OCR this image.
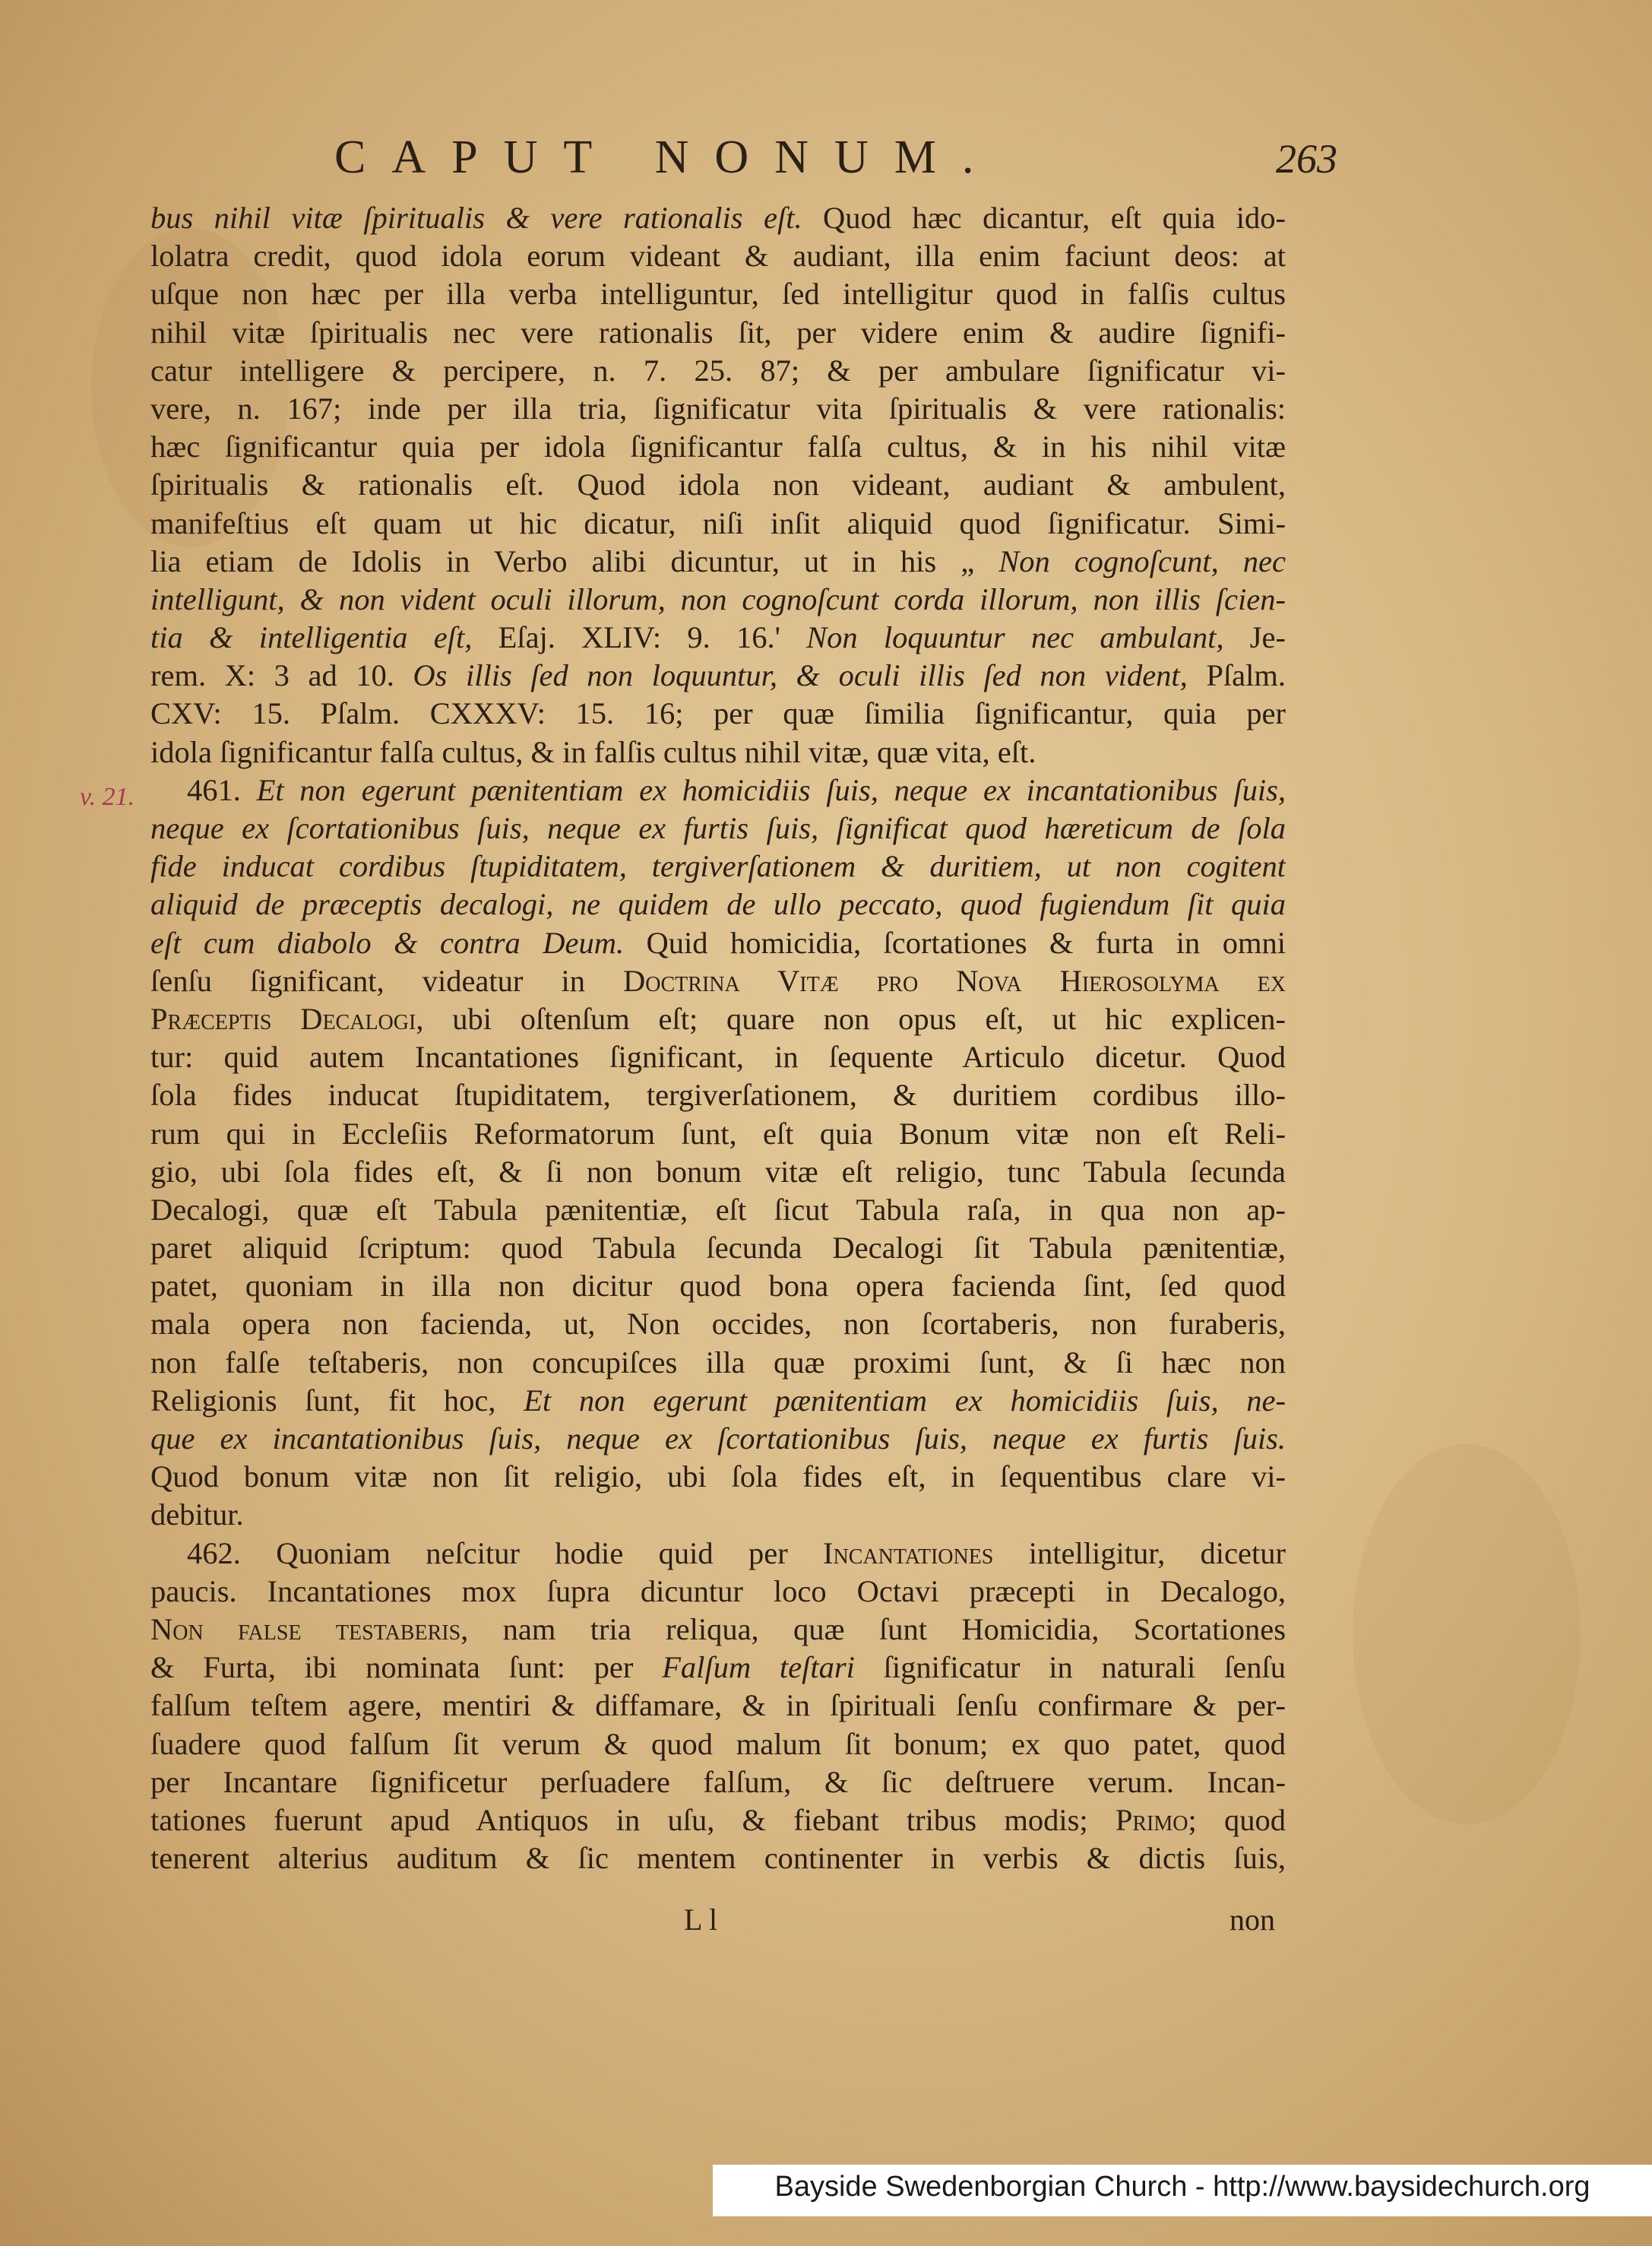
CAPUT NONUM.	263
v. 21.
bus nihil vitæ ſpiritualis & vere rationalis eſt. Quod hæc dicantur, eſt quia ido-
lolatra credit, quod idola eorum videant & audiant, illa enim faciunt deos: at
uſque non hæc per illa verba intelliguntur, ſed intelligitur quod in falſis cultus
nihil vitæ ſpiritualis nec vere rationalis ſit, per videre enim & audire ſignifi-
catur intelligere & percipere, n. 7. 25. 87; & per ambulare ſignificatur vi-
vere, n. 167; inde per illa tria, ſignificatur vita ſpiritualis & vere rationalis:
hæc ſignificantur quia per idola ſignificantur falſa cultus, & in his nihil vitæ
ſpiritualis & rationalis eſt. Quod idola non videant, audiant & ambulent,
manifeſtius eſt quam ut hic dicatur, niſi inſit aliquid quod ſignificatur. Simi-
lia etiam de Idolis in Verbo alibi dicuntur, ut in his „ Non cognoſcunt, nec
intelligunt, & non vident oculi illorum, non cognoſcunt corda illorum, non illis ſcien-
tia & intelligentia eſt, Eſaj. XLIV: 9. 16.' Non loquuntur nec ambulant, Je-
rem. X: 3 ad 10. Os illis ſed non loquuntur, & oculi illis ſed non vident, Pſalm.
CXV: 15. Pſalm. CXXXV: 15. 16; per quæ ſimilia ſignificantur, quia per
idola ſignificantur falſa cultus, & in falſis cultus nihil vitæ, quæ vita, eſt.
461. Et non egerunt pænitentiam ex homicidiis ſuis, neque ex incantationibus ſuis,
neque ex ſcortationibus ſuis, neque ex furtis ſuis, ſignificat quod hæreticum de ſola
fide inducat cordibus ſtupiditatem, tergiverſationem & duritiem, ut non cogitent
aliquid de præceptis decalogi, ne quidem de ullo peccato, quod fugiendum ſit quia
eſt cum diabolo & contra Deum. Quid homicidia, ſcortationes & furta in omni
ſenſu ſignificant, videatur in Doctrina Vitæ pro Nova Hierosolyma ex
Præceptis Decalogi, ubi oſtenſum eſt; quare non opus eſt, ut hic explicen-
tur: quid autem Incantationes ſignificant, in ſequente Articulo dicetur. Quod
ſola fides inducat ſtupiditatem, tergiverſationem, & duritiem cordibus illo-
rum qui in Eccleſiis Reformatorum ſunt, eſt quia Bonum vitæ non eſt Reli-
gio, ubi ſola fides eſt, & ſi non bonum vitæ eſt religio, tunc Tabula ſecunda
Decalogi, quæ eſt Tabula pænitentiæ, eſt ſicut Tabula raſa, in qua non ap-
paret aliquid ſcriptum: quod Tabula ſecunda Decalogi ſit Tabula pænitentiæ,
patet, quoniam in illa non dicitur quod bona opera facienda ſint, ſed quod
mala opera non facienda, ut, Non occides, non ſcortaberis, non furaberis,
non falſe teſtaberis, non concupiſces illa quæ proximi ſunt, & ſi hæc non
Religionis ſunt, fit hoc, Et non egerunt pænitentiam ex homicidiis ſuis, ne-
que ex incantationibus ſuis, neque ex ſcortationibus ſuis, neque ex furtis ſuis.
Quod bonum vitæ non ſit religio, ubi ſola fides eſt, in ſequentibus clare vi-
debitur.
462. Quoniam neſcitur hodie quid per Incantationes intelligitur, dicetur
paucis. Incantationes mox ſupra dicuntur loco Octavi præcepti in Decalogo,
Non false testaberis, nam tria reliqua, quæ ſunt Homicidia, Scortationes
& Furta, ibi nominata ſunt: per Falſum teſtari ſignificatur in naturali ſenſu
falſum teſtem agere, mentiri & diffamare, & in ſpirituali ſenſu confirmare & per-
ſuadere quod falſum ſit verum & quod malum ſit bonum; ex quo patet, quod
per Incantare ſignificetur perſuadere falſum, & ſic deſtruere verum. Incan-
tationes fuerunt apud Antiquos in uſu, & fiebant tribus modis; Primo; quod
tenerent alterius auditum & ſic mentem continenter in verbis & dictis ſuis,
L l	non
Bayside Swedenborgian Church - http://www.baysidechurch.org
